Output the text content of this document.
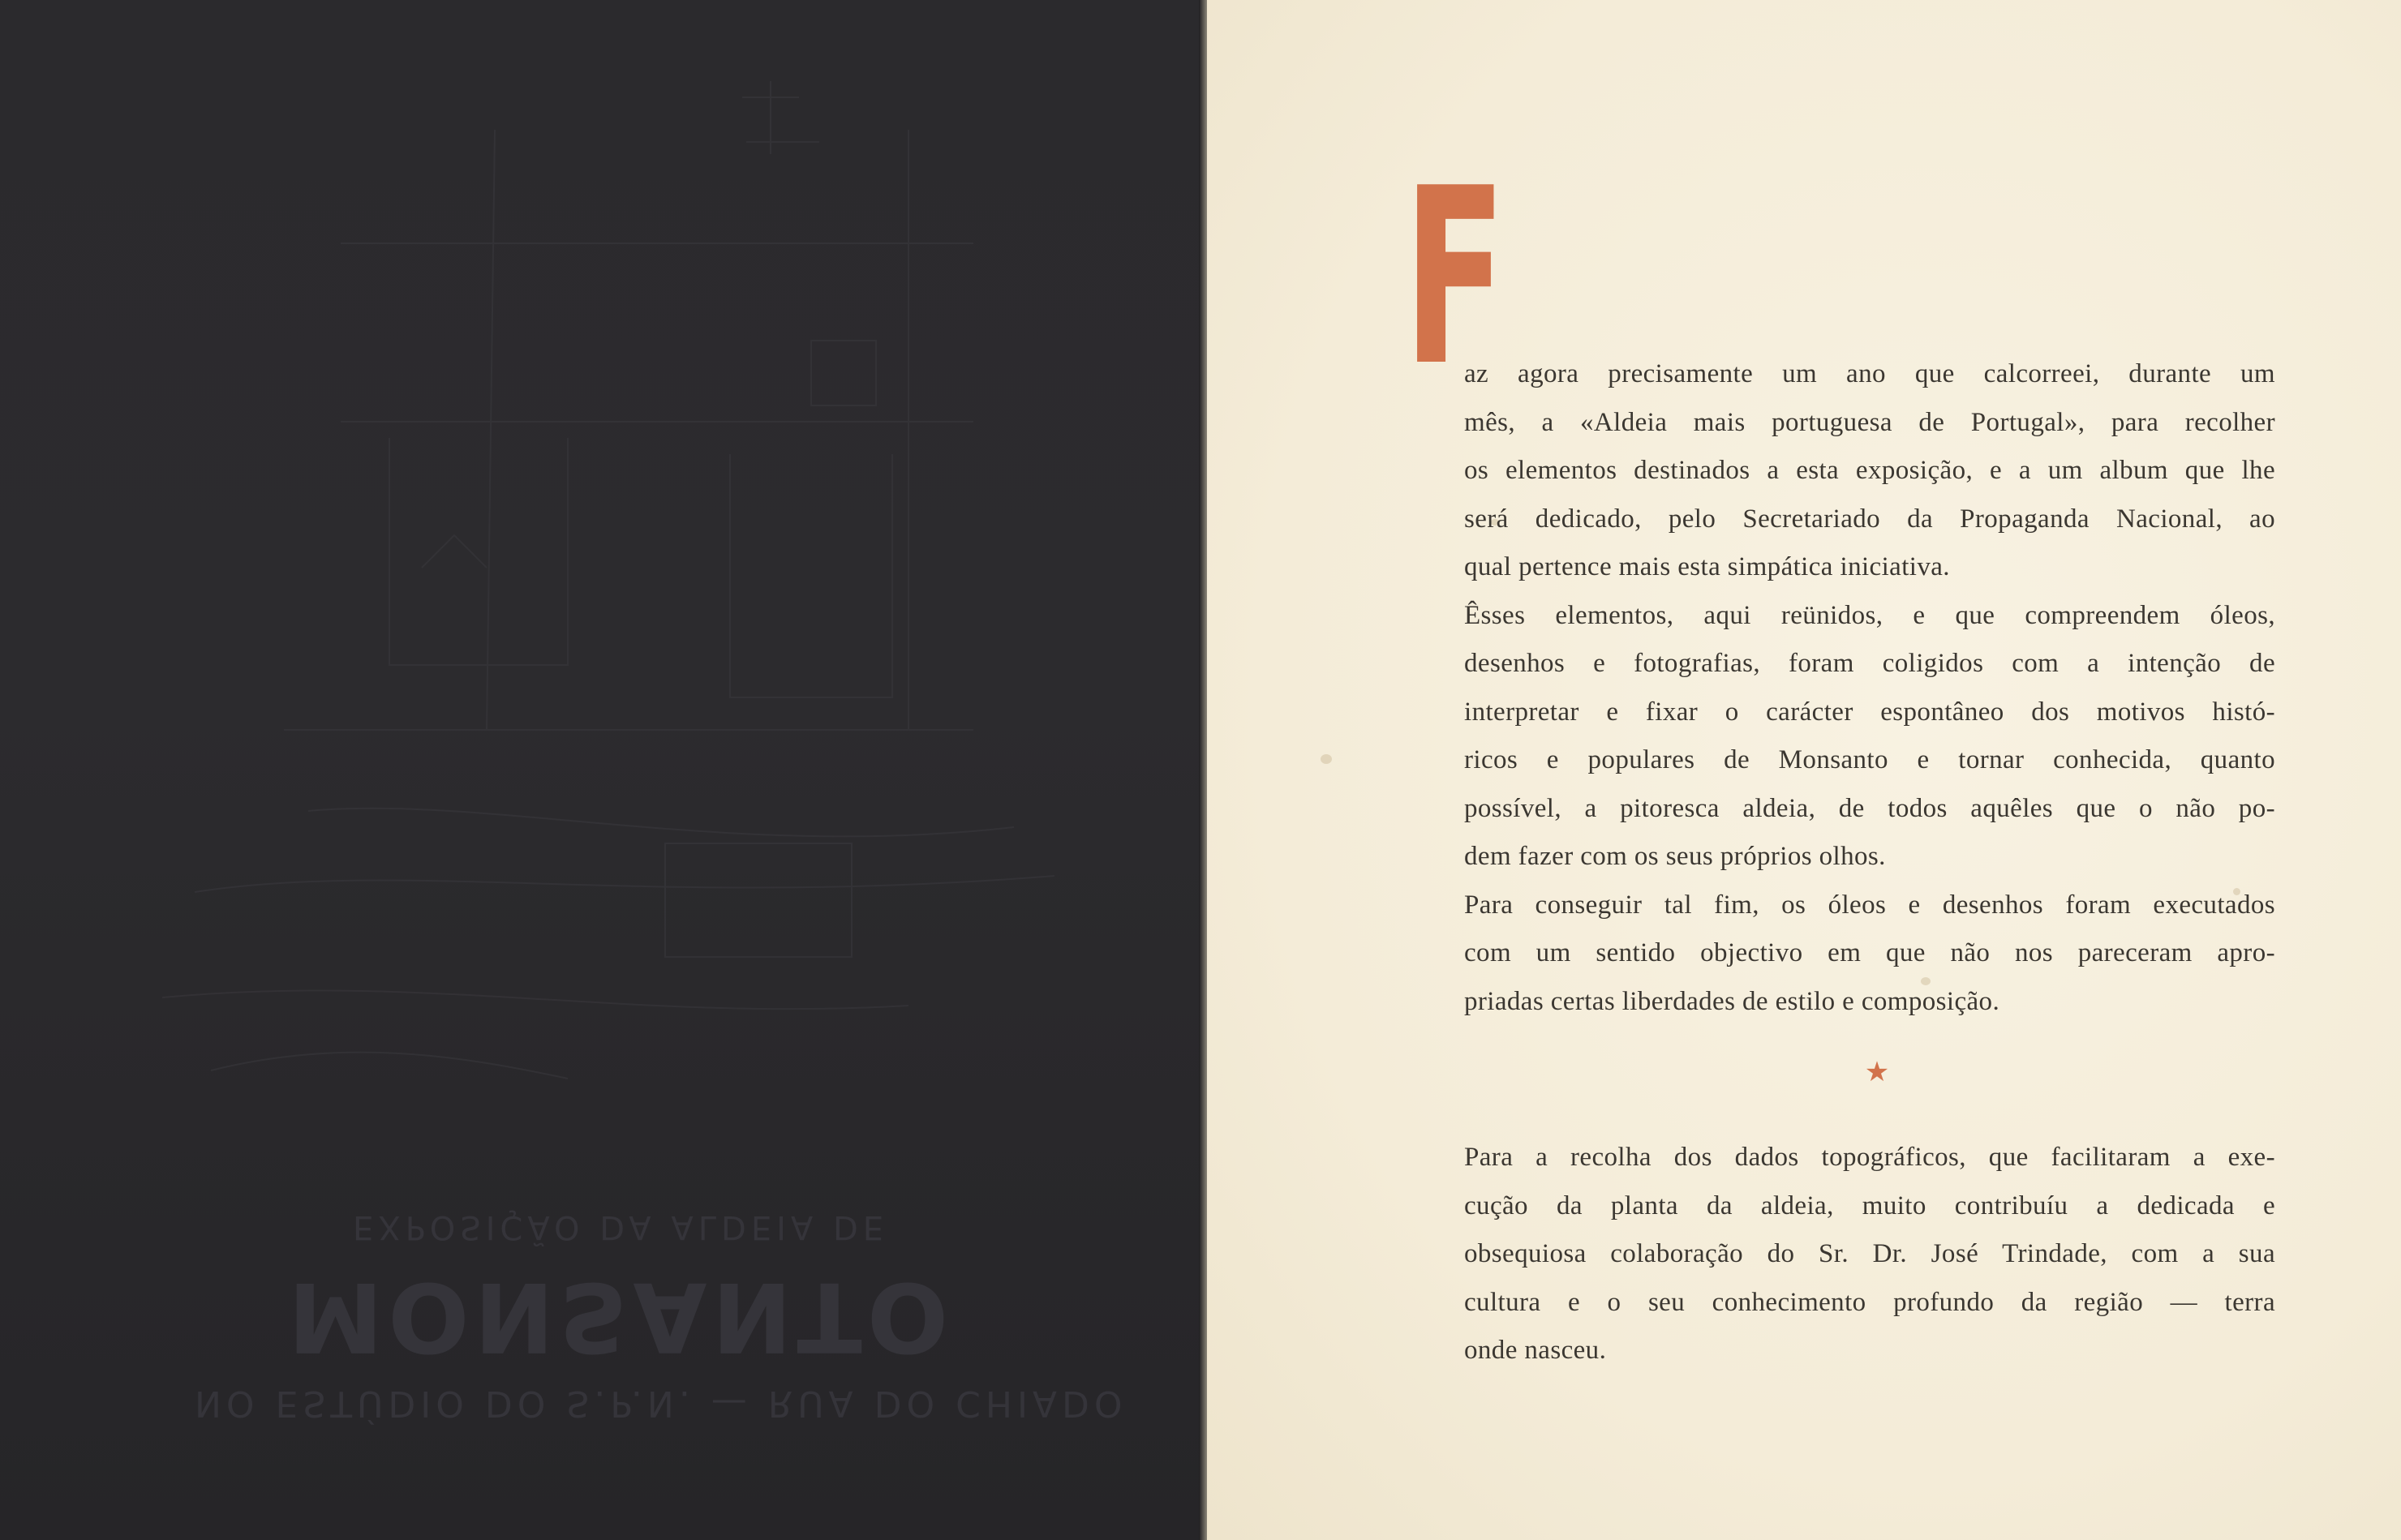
EXPOSIÇÃO DA ALDEIA DE
MONSANTO
NO ESTÚDIO DO S.P.N. — RUA DO CHIADO
F
az agora precisamente um ano que calcorreei, durante um
mês, a «Aldeia mais portuguesa de Portugal», para recolher
os elementos destinados a esta exposição, e a um album que lhe
será dedicado, pelo Secretariado da Propaganda Nacional, ao
qual pertence mais esta simpática iniciativa.
Êsses elementos, aqui reünidos, e que compreendem óleos,
desenhos e fotografias, foram coligidos com a intenção de
interpretar e fixar o carácter espontâneo dos motivos histó-
ricos e populares de Monsanto e tornar conhecida, quanto
possível, a pitoresca aldeia, de todos aquêles que o não po-
dem fazer com os seus próprios olhos.
Para conseguir tal fim, os óleos e desenhos foram executados
com um sentido objectivo em que não nos pareceram apro-
priadas certas liberdades de estilo e composição.
★
Para a recolha dos dados topográficos, que facilitaram a exe-
cução da planta da aldeia, muito contribuíu a dedicada e
obsequiosa colaboração do Sr. Dr. José Trindade, com a sua
cultura e o seu conhecimento profundo da região — terra
onde nasceu.
